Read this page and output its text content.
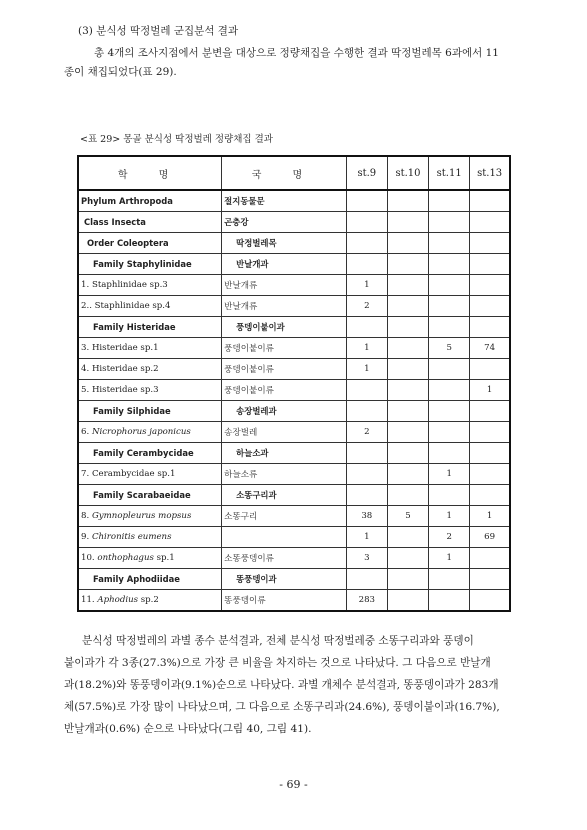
(3) 분식성 딱정벌레 군집분석 결과
총 4개의 조사지점에서 분변을 대상으로 정량채집을 수행한 결과 딱정벌레목 6과에서 11
종이 채집되었다(표 29).
<표 29> 몽골 분식성 딱정벌레 정량채집 결과
학 명	국 명	st.9	st.10	st.11	st.13
Phylum Arthropoda	절지동물문				
Class Insecta	곤충강				
Order Coleoptera	딱정벌레목				
Family Staphylinidae	반날개과				
1. Staphlinidae sp.3	반날개류	1			
2.. Staphlinidae sp.4	반날개류	2			
Family Histeridae	풍뎅이붙이과				
3. Histeridae sp.1	풍뎅이붙이류	1		5	74
4. Histeridae sp.2	풍뎅이붙이류	1			
5. Histeridae sp.3	풍뎅이붙이류				1
Family Silphidae	송장벌레과				
6. Nicrophorus japonicus	송장벌레	2			
Family Cerambycidae	하늘소과				
7. Cerambycidae sp.1	하늘소류			1	
Family Scarabaeidae	소똥구리과				
8. Gymnopleurus mopsus	소똥구리	38	5	1	1
9. Chironitis eumens		1		2	69
10. onthophagus sp.1	소똥풍뎅이류	3		1	
Family Aphodiidae	똥풍뎅이과				
11. Aphodius sp.2	똥풍뎅이류	283			
분식성 딱정벌레의 과별 종수 분석결과, 전체 분식성 딱정벌레중 소똥구리과와 풍뎅이
붙이과가 각 3종(27.3%)으로 가장 큰 비율을 차지하는 것으로 나타났다. 그 다음으로 반날개
과(18.2%)와 똥풍뎅이과(9.1%)순으로 나타났다. 과별 개체수 분석결과, 똥풍뎅이과가 283개
체(57.5%)로 가장 많이 나타났으며, 그 다음으로 소똥구리과(24.6%), 풍뎅이붙이과(16.7%),
반날개과(0.6%) 순으로 나타났다(그림 40, 그림 41).
- 69 -
